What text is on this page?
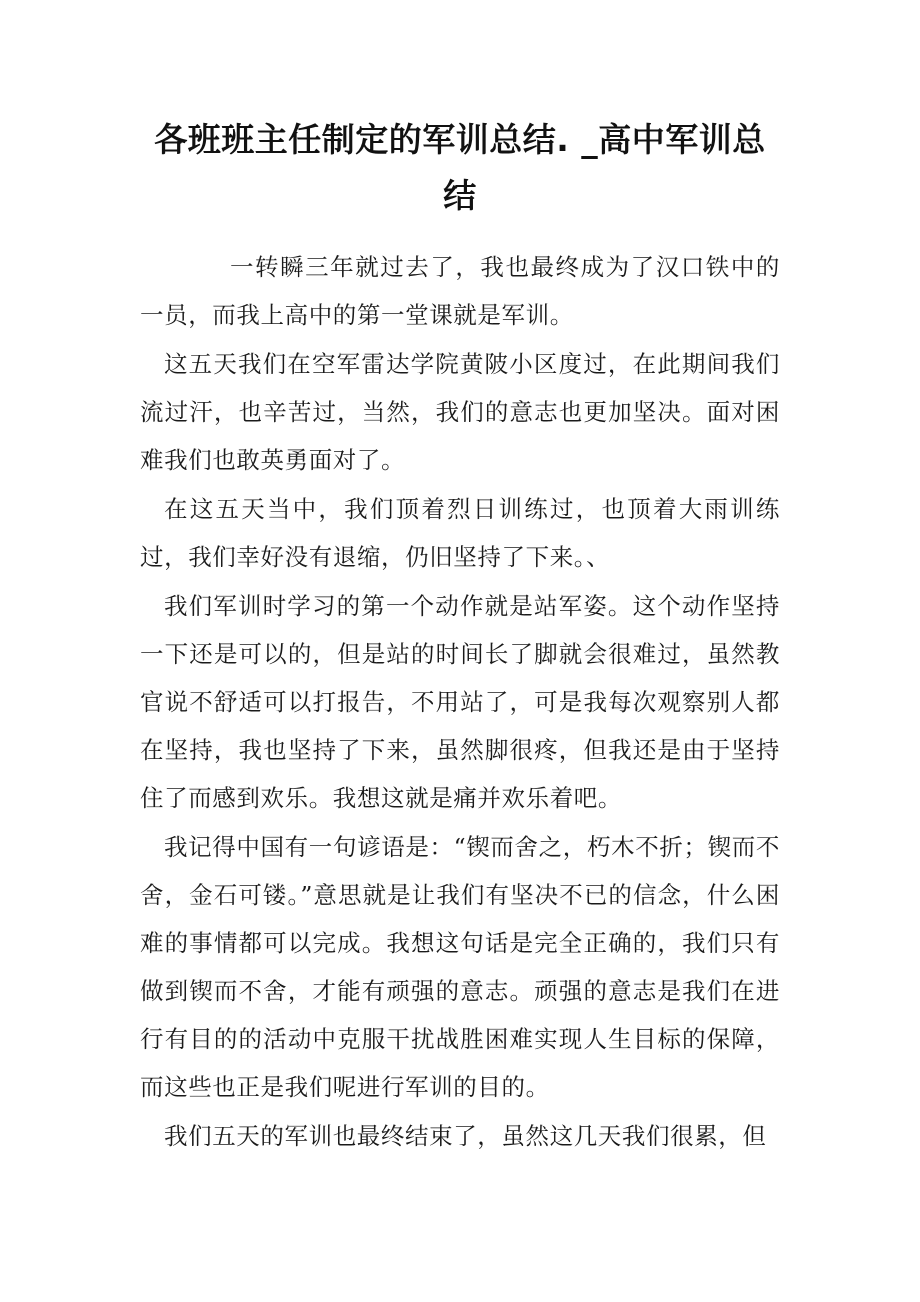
各班班主任制定的军训总结. _高中军训总结

一转瞬三年就过去了，我也最终成为了汉口铁中的一员，而我上高中的第一堂课就是军训。

这五天我们在空军雷达学院黄陂小区度过，在此期间我们流过汗，也辛苦过，当然，我们的意志也更加坚决。面对困难我们也敢英勇面对了。

在这五天当中，我们顶着烈日训练过，也顶着大雨训练过，我们幸好没有退缩，仍旧坚持了下来。、

我们军训时学习的第一个动作就是站军姿。这个动作坚持一下还是可以的，但是站的时间长了脚就会很难过，虽然教官说不舒适可以打报告，不用站了，可是我每次观察别人都在坚持，我也坚持了下来，虽然脚很疼，但我还是由于坚持住了而感到欢乐。我想这就是痛并欢乐着吧。

我记得中国有一句谚语是：“锲而舍之，朽木不折；锲而不舍，金石可镂。”意思就是让我们有坚决不已的信念，什么困难的事情都可以完成。我想这句话是完全正确的，我们只有做到锲而不舍，才能有顽强的意志。顽强的意志是我们在进行有目的的活动中克服干扰战胜困难实现人生目标的保障，而这些也正是我们呢进行军训的目的。

我们五天的军训也最终结束了，虽然这几天我们很累，但
